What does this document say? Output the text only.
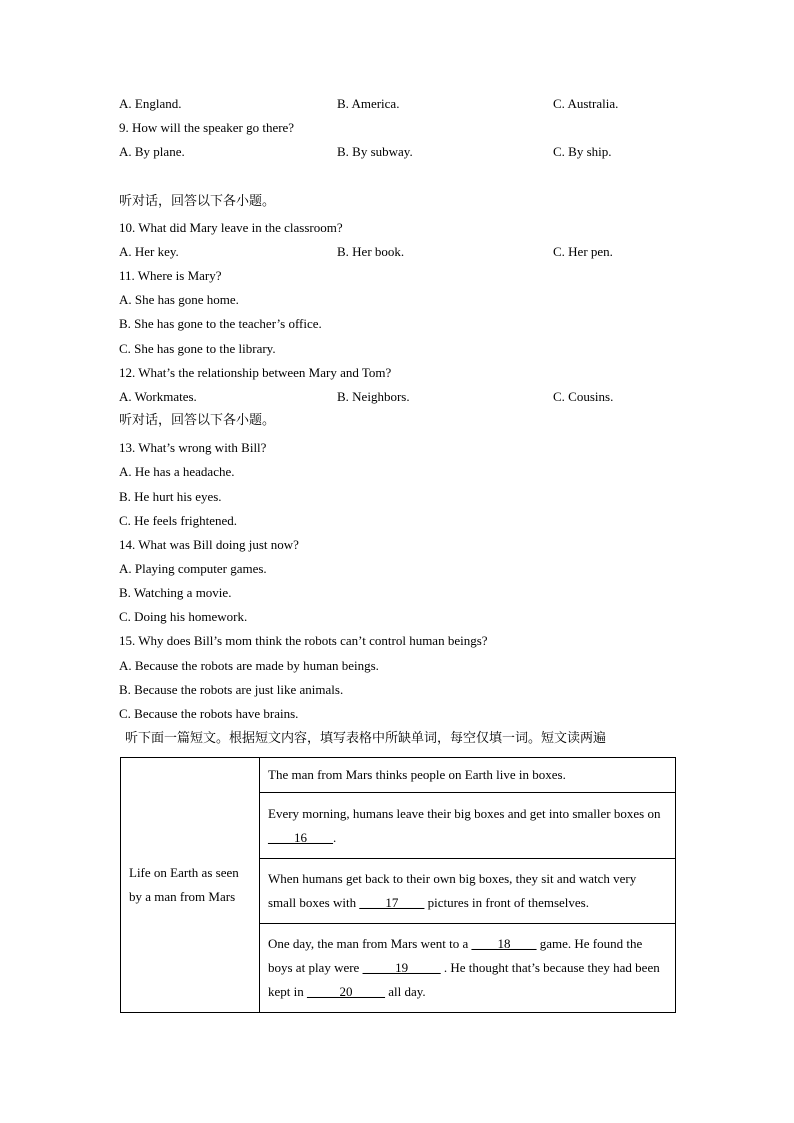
A. England.	B. America.	C. Australia.
9. How will the speaker go there?
A. By plane.	B. By subway.	C. By ship.
听对话，回答以下各小题。
10. What did Mary leave in the classroom?
A. Her key.	B. Her book.	C. Her pen.
11. Where is Mary?
A. She has gone home.
B. She has gone to the teacher’s office.
C. She has gone to the library.
12. What’s the relationship between Mary and Tom?
A. Workmates.	B. Neighbors.	C. Cousins.
听对话，回答以下各小题。
13. What’s wrong with Bill?
A. He has a headache.
B. He hurt his eyes.
C. He feels frightened.
14. What was Bill doing just now?
A. Playing computer games.
B. Watching a movie.
C. Doing his homework.
15. Why does Bill’s mom think the robots can’t control human beings?
A. Because the robots are made by human beings.
B. Because the robots are just like animals.
C. Because the robots have brains.
听下面一篇短文。根据短文内容，填写表格中所缺单词，每空仅填一词。短文读两遍
Life on Earth as seen by a man from Mars	The man from Mars thinks people on Earth live in boxes.
Every morning, humans leave their big boxes and get into smaller boxes on ____16____.
When humans get back to their own big boxes, they sit and watch very small boxes with ____17____ pictures in front of themselves.
One day, the man from Mars went to a ____18____ game. He found the boys at play were _____19_____ . He thought that’s because they had been kept in _____20_____ all day.
